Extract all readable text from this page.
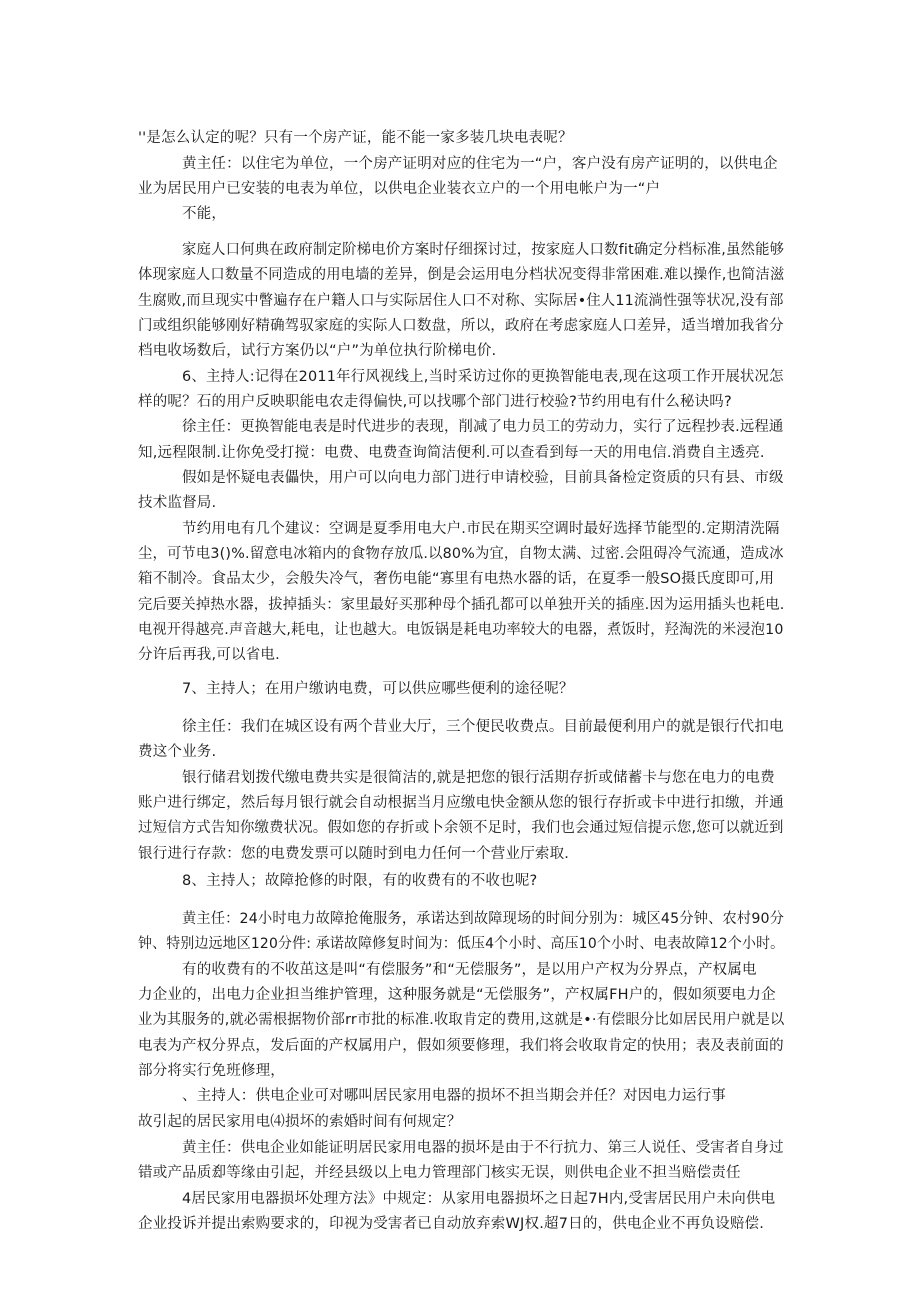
''是怎么认定的呢？只有一个房产证，能不能一家多装几块电表呢？
黄主任：以住宅为单位，一个房产证明对应的住宅为一“户，客户没有房产证明的，以供电企
业为居民用户已安装的电表为单位，以供电企业装衣立户的一个用电帐户为一“户
不能，
家庭人口何典在政府制定阶梯电价方案时仔细探讨过，按家庭人口数fit确定分档标准,虽然能够
体现家庭人口数量不同造成的用电墙的差异，倒是会运用电分档状况变得非常困难.难以操作,也简洁滋
生腐败,而旦现实中瞥遍存在户籍人口与实际居住人口不对称、实际居•住人11流淌性强等状况,没有部
门或组织能够刚好精确驾驭家庭的实际人口数盘，所以，政府在考虑家庭人口差异，适当增加我省分
档电收场数后，试行方案仍以“户”为单位执行阶梯电价.
6、主持人:记得在2011年行风视线上,当时采访过你的更换智能电表,现在这项工作开展状况怎
样的呢？石的用户反映职能电农走得偏快,可以找哪个部门进行校验?节约用电有什么秘诀吗?
徐主任：更换智能电表是时代进步的表现，削减了电力员工的劳动力，实行了远程抄表.远程通
知,远程限制.让你免受打搅：电费、电费查询简洁便利.可以查看到每一天的用电信.消费自主透亮.
假如是怀疑电表儡快，用户可以向电力部门进行申请校验，目前具备检定资质的只有县、市级
技术监督局.
节约用电有几个建议：空调是夏季用电大户.市民在期买空调时最好选择节能型的.定期清洗隔
尘，可节电3()%.留意电冰箱内的食物存放瓜.以80%为宜，自物太满、过密.会阻碍冷气流通，造成冰
箱不制冷。食品太少，会般失冷气，奢伤电能“寡里有电热水器的话，在夏季一般SO摄氏度即可,用
完后要关掉热水器，拔掉插头：家里最好买那种母个插孔都可以单独开关的插座.因为运用插头也耗电.
电视开得越亮.声音越大,耗电，让也越大。电饭锅是耗电功率较大的电器，煮饭时，羟淘洗的米浸泡10
分许后再我,可以省电.
7、主持人；在用户缴讷电费，可以供应哪些便利的途径呢？
徐主任：我们在城区设有两个昔业大厅，三个便民收费点。目前最便利用户的就是银行代扣电
费这个业务.
银行储君划拨代缴电费共实是很简洁的,就是把您的银行活期存折或储蓄卡与您在电力的电费
账户进行绑定，然后每月银行就会自动根据当月应缴电快金额从您的银行存折或卡中进行扣缴，并通
过短信方式告知你缴费状况。假如您的存折或卜余领不足时，我们也会通过短信提示您,您可以就近到
银行进行存款：您的电费发票可以随时到电力任何一个营业厅索取.
8、主持人；故障抢修的时限，有的收费有的不收也呢?
黄主任：24小时电力故障抢俺服务，承诺达到故障现场的时间分别为：城区45分钟、农村90分
钟、特别边远地区120分件: 承诺故障修复时间为：低压4个小时、高压10个小时、电表故障12个小时。
有的收费有的不收茁这是叫“有偿服务”和“无偿服务”，是以用户产权为分界点，产权属电
力企业的，出电力企业担当维护管理，这种服务就是“无偿服务”，产权属FH户的，假如须要电力企
业为其服务的,就必需根据物价部rr市批的标准.收取肯定的费用,这就是•·有偿眼分比如居民用户就是以
电表为产权分界点，发后面的产权属用户，假如须要修理，我们将会收取肯定的快用；表及表前面的
部分将实行免班修理，
、主持人：供电企业可对哪叫居民家用电器的损坏不担当期会并任？对因电力运行事
故引起的居民家用电⑷损坏的索婚时间有何规定？
黄主任：供电企业如能证明居民家用电器的损坏是由于不行抗力、第三人说任、受害者自身过
错或产品质㕁等缘由引起，并经县级以上电力管理部门核实无误，则供电企业不担当赔偿责任
4居民家用电器损坏处理方法》中规定：从家用电器损坏之日起7H内,受害居民用户未向供电
企业投诉并提出索购要求的，印视为受害者已自动放弃索WJ权.超7日的，供电企业不再负设赔偿.
